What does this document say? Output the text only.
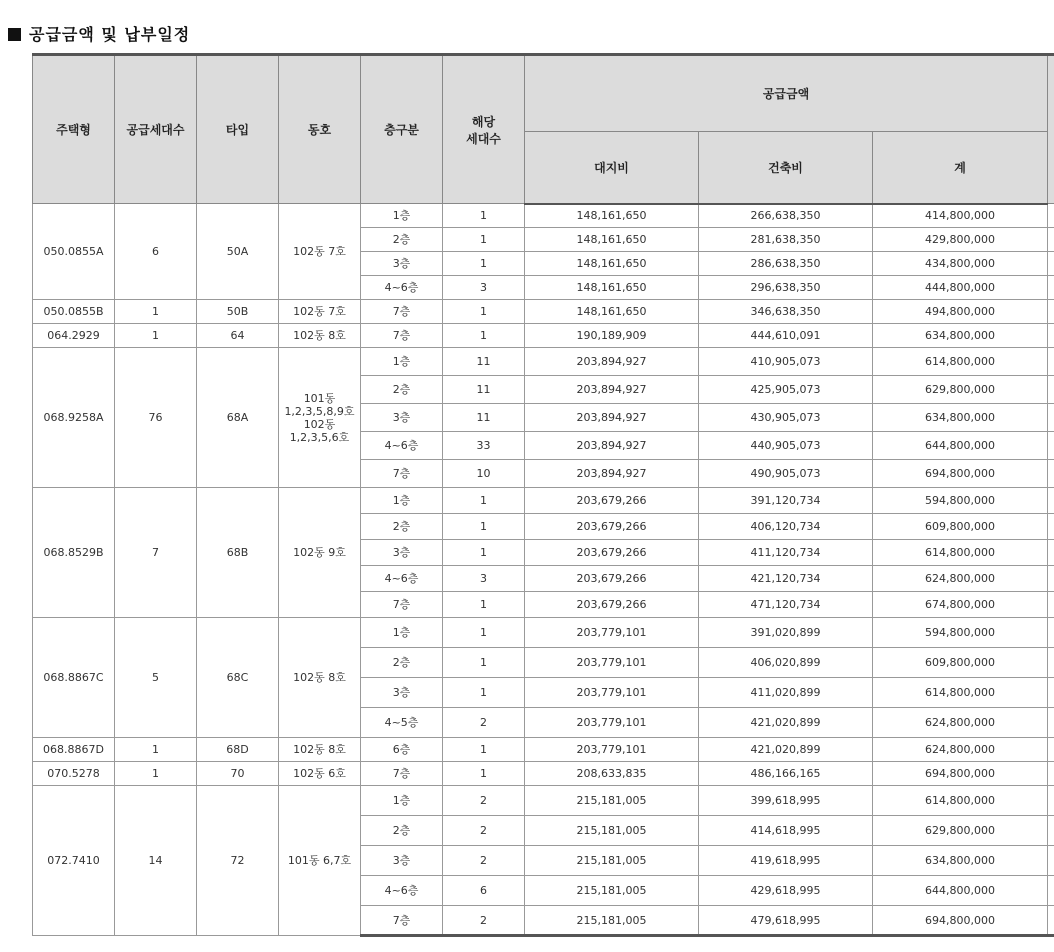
공급금액 및 납부일정
주택형	공급세대수	타입	동호	층구분	해당
세대수	공급금액			
						대지비	건축비	계	
050.0855A	6	50A	102동 7호	1층	1	148,161,650	266,638,350	414,800,000	
				2층	1	148,161,650	281,638,350	429,800,000	
				3층	1	148,161,650	286,638,350	434,800,000	
				4~6층	3	148,161,650	296,638,350	444,800,000	
050.0855B	1	50B	102동 7호	7층	1	148,161,650	346,638,350	494,800,000	
064.2929	1	64	102동 8호	7층	1	190,189,909	444,610,091	634,800,000	
068.9258A	76	68A	101동
1,2,3,5,8,9호
102동
1,2,3,5,6호	1층	11	203,894,927	410,905,073	614,800,000	
				2층	11	203,894,927	425,905,073	629,800,000	
				3층	11	203,894,927	430,905,073	634,800,000	
				4~6층	33	203,894,927	440,905,073	644,800,000	
				7층	10	203,894,927	490,905,073	694,800,000	
068.8529B	7	68B	102동 9호	1층	1	203,679,266	391,120,734	594,800,000	
				2층	1	203,679,266	406,120,734	609,800,000	
				3층	1	203,679,266	411,120,734	614,800,000	
				4~6층	3	203,679,266	421,120,734	624,800,000	
				7층	1	203,679,266	471,120,734	674,800,000	
068.8867C	5	68C	102동 8호	1층	1	203,779,101	391,020,899	594,800,000	
				2층	1	203,779,101	406,020,899	609,800,000	
				3층	1	203,779,101	411,020,899	614,800,000	
				4~5층	2	203,779,101	421,020,899	624,800,000	
068.8867D	1	68D	102동 8호	6층	1	203,779,101	421,020,899	624,800,000	
070.5278	1	70	102동 6호	7층	1	208,633,835	486,166,165	694,800,000	
072.7410	14	72	101동 6,7호	1층	2	215,181,005	399,618,995	614,800,000	
				2층	2	215,181,005	414,618,995	629,800,000	
				3층	2	215,181,005	419,618,995	634,800,000	
				4~6층	6	215,181,005	429,618,995	644,800,000	
				7층	2	215,181,005	479,618,995	694,800,000	
